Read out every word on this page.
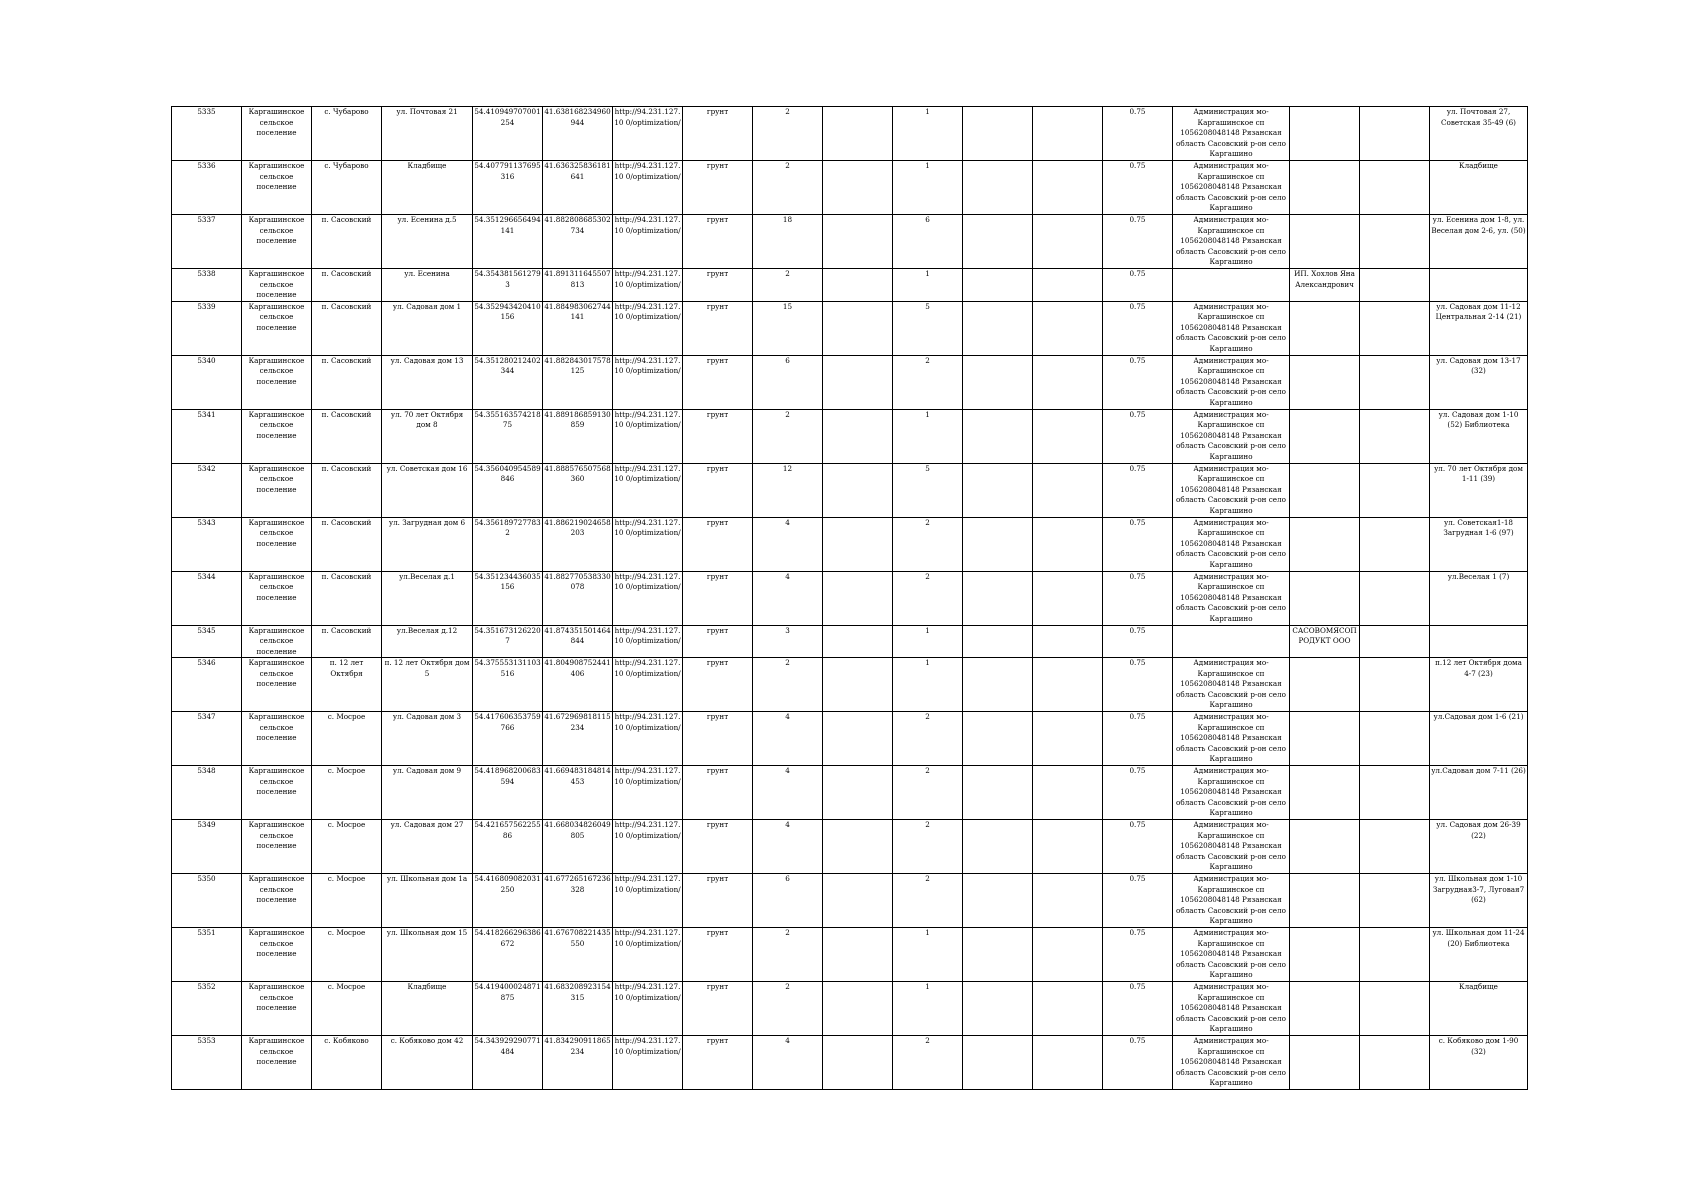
5335	Каргашинское сельское поселение	с. Чубарово	ул. Почтовая 21	54.410949707001254	41.638168234960944	http://94.231.127.10 0/optimization/	грунт	2		1			0.75	Администрация мо-Каргашинское сп 1056208048148 Рязанская область Сасовский р-он село Каргашино			ул. Почтовая 27, Советская 35-49 (6)
5336	Каргашинское сельское поселение	с. Чубарово	Кладбище	54.407791137695316	41.636325836181641	http://94.231.127.10 0/optimization/	грунт	2		1			0.75	Администрация мо-Каргашинское сп 1056208048148 Рязанская область Сасовский р-он село Каргашино			Кладбище
5337	Каргашинское сельское поселение	п. Сасовский	ул. Есенина д.5	54.351296656494141	41.882808685302734	http://94.231.127.10 0/optimization/	грунт	18		6			0.75	Администрация мо-Каргашинское сп 1056208048148 Рязанская область Сасовский р-он село Каргашино			ул. Есенина дом 1-8, ул. Веселая дом 2-6, ул. (50)
5338	Каргашинское сельское поселение	п. Сасовский	ул. Есенина	54.3543815612793	41.891311645507813	http://94.231.127.10 0/optimization/	грунт	2		1			0.75		ИП. Хохлов Яна Александрович		
5339	Каргашинское сельское поселение	п. Сасовский	ул. Садовая дом 1	54.352943420410156	41.884983062744141	http://94.231.127.10 0/optimization/	грунт	15		5			0.75	Администрация мо-Каргашинское сп 1056208048148 Рязанская область Сасовский р-он село Каргашино			ул. Садовая дом 11-12 Центральная 2-14 (21)
5340	Каргашинское сельское поселение	п. Сасовский	ул. Садовая дом 13	54.351280212402344	41.882843017578125	http://94.231.127.10 0/optimization/	грунт	6		2			0.75	Администрация мо-Каргашинское сп 1056208048148 Рязанская область Сасовский р-он село Каргашино			ул. Садовая дом 13-17 (32)
5341	Каргашинское сельское поселение	п. Сасовский	ул. 70 лет Октября дом 8	54.35516357421875	41.889186859130859	http://94.231.127.10 0/optimization/	грунт	2		1			0.75	Администрация мо-Каргашинское сп 1056208048148 Рязанская область Сасовский р-он село Каргашино			ул. Садовая дом 1-10 (52) Библиотека
5342	Каргашинское сельское поселение	п. Сасовский	ул. Советская дом 16	54.356040954589846	41.888576507568360	http://94.231.127.10 0/optimization/	грунт	12		5			0.75	Администрация мо-Каргашинское сп 1056208048148 Рязанская область Сасовский р-он село Каргашино			ул. 70 лет Октября дом 1-11 (39)
5343	Каргашинское сельское поселение	п. Сасовский	ул. Загрудная дом 6	54.3561897277832	41.886219024658203	http://94.231.127.10 0/optimization/	грунт	4		2			0.75	Администрация мо-Каргашинское сп 1056208048148 Рязанская область Сасовский р-он село Каргашино			ул. Советская1-18 Загрудная 1-6 (97)
5344	Каргашинское сельское поселение	п. Сасовский	ул.Веселая д.1	54.351234436035156	41.882770538330078	http://94.231.127.10 0/optimization/	грунт	4		2			0.75	Администрация мо-Каргашинское сп 1056208048148 Рязанская область Сасовский р-он село Каргашино			ул.Веселая 1 (7)
5345	Каргашинское сельское поселение	п. Сасовский	ул.Веселая д.12	54.3516731262207	41.874351501464844	http://94.231.127.10 0/optimization/	грунт	3		1			0.75		САСОВОМЯСОПРОДУКТ ООО		
5346	Каргашинское сельское поселение	п. 12 лет Октября	п. 12 лет Октября дом 5	54.375553131103516	41.804908752441406	http://94.231.127.10 0/optimization/	грунт	2		1			0.75	Администрация мо-Каргашинское сп 1056208048148 Рязанская область Сасовский р-он село Каргашино			п.12 лет Октября дома 4-7 (23)
5347	Каргашинское сельское поселение	с. Мосрое	ул. Садовая дом 3	54.417606353759766	41.672969818115234	http://94.231.127.10 0/optimization/	грунт	4		2			0.75	Администрация мо-Каргашинское сп 1056208048148 Рязанская область Сасовский р-он село Каргашино			ул.Садовая дом 1-6 (21)
5348	Каргашинское сельское поселение	с. Мосрое	ул. Садовая дом 9	54.418968200683594	41.669483184814453	http://94.231.127.10 0/optimization/	грунт	4		2			0.75	Администрация мо-Каргашинское сп 1056208048148 Рязанская область Сасовский р-он село Каргашино			ул.Садовая дом 7-11 (26)
5349	Каргашинское сельское поселение	с. Мосрое	ул. Садовая дом 27	54.42165756225586	41.668034826049805	http://94.231.127.10 0/optimization/	грунт	4		2			0.75	Администрация мо-Каргашинское сп 1056208048148 Рязанская область Сасовский р-он село Каргашино			ул. Садовая дом 26-39 (22)
5350	Каргашинское сельское поселение	с. Мосрое	ул. Школьная дом 1а	54.416809082031250	41.677265167236328	http://94.231.127.10 0/optimization/	грунт	6		2			0.75	Администрация мо-Каргашинское сп 1056208048148 Рязанская область Сасовский р-он село Каргашино			ул. Школьная дом 1-10 Загрудная3-7, Луговая7 (62)
5351	Каргашинское сельское поселение	с. Мосрое	ул. Школьная дом 15	54.418266296386672	41.676708221435550	http://94.231.127.10 0/optimization/	грунт	2		1			0.75	Администрация мо-Каргашинское сп 1056208048148 Рязанская область Сасовский р-он село Каргашино			ул. Школьная дом 11-24 (20) Библиотека
5352	Каргашинское сельское поселение	с. Мосрое	Кладбище	54.419400024871875	41.683208923154315	http://94.231.127.10 0/optimization/	грунт	2		1			0.75	Администрация мо-Каргашинское сп 1056208048148 Рязанская область Сасовский р-он село Каргашино			Кладбище
5353	Каргашинское сельское поселение	с. Кобяково	с. Кобяково дом 42	54.343929290771484	41.834290911865234	http://94.231.127.10 0/optimization/	грунт	4		2			0.75	Администрация мо-Каргашинское сп 1056208048148 Рязанская область Сасовский р-он село Каргашино			с. Кобяково дом 1-90 (32)
